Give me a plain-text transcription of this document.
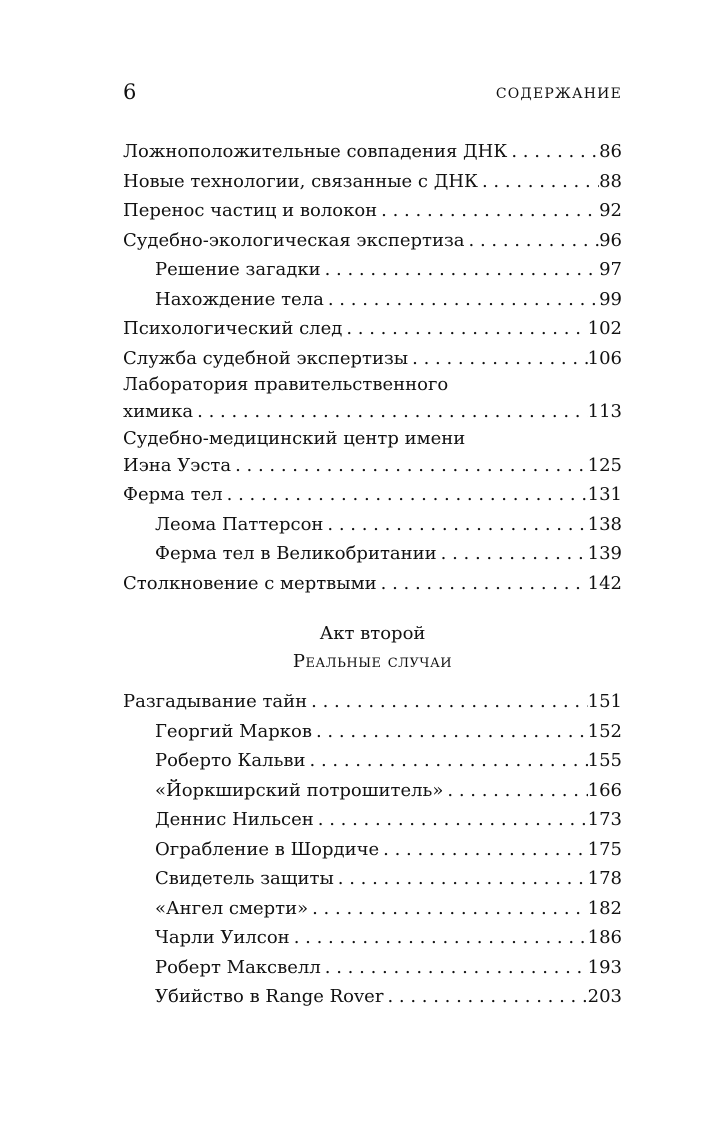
6	СОДЕРЖАНИЕ
Ложноположительные совпадения ДНК . . .	86
Новые технологии, связанные с ДНК . . .	88
Перенос частиц и волокон . . .	92
Судебно-экологическая экспертиза . . .	96
Решение загадки . . .	97
Нахождение тела . . .	99
Психологический след . . .	102
Служба судебной экспертизы . . .	106
Лаборатория правительственного
химика . . .	113
Судебно-медицинский центр имени
Иэна Уэста . . .	125
Ферма тел . . .	131
Леома Паттерсон . . .	138
Ферма тел в Великобритании . . .	139
Столкновение с мертвыми . . .	142
Акт второй
Реальные случаи
Разгадывание тайн . . .	151
Георгий Марков . . .	152
Роберто Кальви . . .	155
«Йоркширский потрошитель» . . .	166
Деннис Нильсен . . .	173
Ограбление в Шордиче . . .	175
Свидетель защиты . . .	178
«Ангел смерти» . . .	182
Чарли Уилсон . . .	186
Роберт Максвелл . . .	193
Убийство в Range Rover . . .	203
